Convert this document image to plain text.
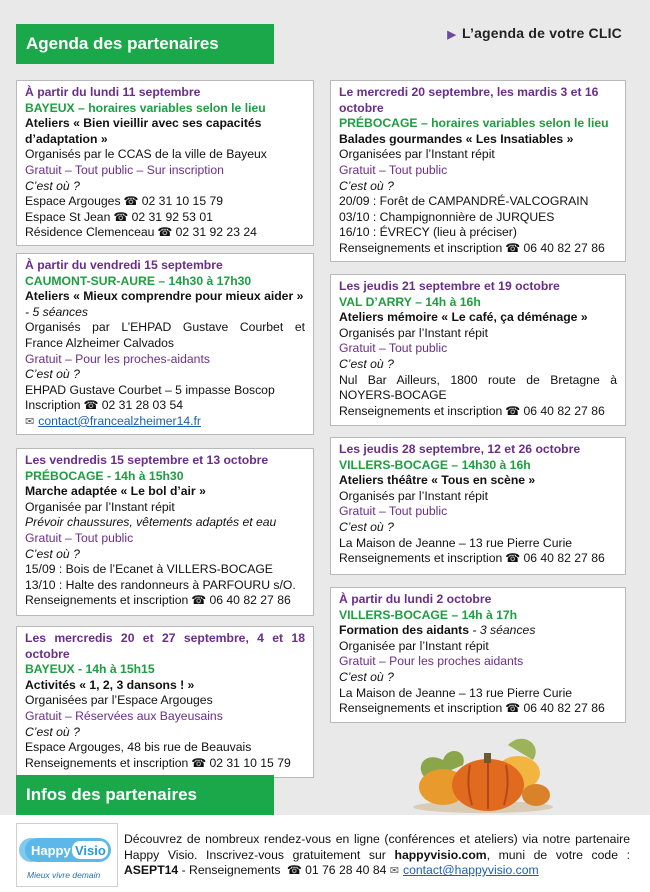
Agenda des partenaires	▶ L’agenda de votre CLIC
À partir du lundi 11 septembre
BAYEUX – horaires variables selon le lieu
Ateliers « Bien vieillir avec ses capacités d’adaptation »
Organisés par le CCAS de la ville de Bayeux
Gratuit – Tout public – Sur inscription
C’est où ?
Espace Argouges ☎ 02 31 10 15 79
Espace St Jean ☎ 02 31 92 53 01
Résidence Clemenceau ☎ 02 31 92 23 24
À partir du vendredi 15 septembre
CAUMONT-SUR-AURE – 14h30 à 17h30
Ateliers « Mieux comprendre pour mieux aider » - 5 séances
Organisés par L’EHPAD Gustave Courbet et France Alzheimer Calvados
Gratuit – Pour les proches-aidants
C’est où ?
EHPAD Gustave Courbet – 5 impasse Boscop
Inscription ☎ 02 31 28 03 54
✉ contact@francealzheimer14.fr
Les vendredis 15 septembre et 13 octobre
PRÉBOCAGE - 14h à 15h30
Marche adaptée « Le bol d’air »
Organisée par l’Instant répit
Prévoir chaussures, vêtements adaptés et eau
Gratuit – Tout public
C’est où ?
15/09 : Bois de l’Ecanet à VILLERS-BOCAGE
13/10 : Halte des randonneurs à PARFOURU s/O.
Renseignements et inscription ☎ 06 40 82 27 86
Les mercredis 20 et 27 septembre, 4 et 18 octobre
BAYEUX - 14h à 15h15
Activités « 1, 2, 3 dansons ! »
Organisées par l’Espace Argouges
Gratuit – Réservées aux Bayeusains
C’est où ?
Espace Argouges, 48 bis rue de Beauvais
Renseignements et inscription ☎ 02 31 10 15 79
Le mercredi 20 septembre, les mardis 3 et 16 octobre
PRÉBOCAGE – horaires variables selon le lieu
Balades gourmandes « Les Insatiables »
Organisées par l’Instant répit
Gratuit – Tout public
C’est où ?
20/09 : Forêt de CAMPANDRÉ-VALCOGRAIN
03/10 : Champignonnière de JURQUES
16/10 : ÉVRECY (lieu à préciser)
Renseignements et inscription ☎ 06 40 82 27 86
Les jeudis 21 septembre et 19 octobre
VAL D’ARRY – 14h à 16h
Ateliers mémoire « Le café, ça déménage »
Organisés par l’Instant répit
Gratuit – Tout public
C’est où ?
Nul Bar Ailleurs, 1800 route de Bretagne à NOYERS-BOCAGE
Renseignements et inscription ☎ 06 40 82 27 86
Les jeudis 28 septembre, 12 et 26 octobre
VILLERS-BOCAGE – 14h30 à 16h
Ateliers théâtre « Tous en scène »
Organisés par l’Instant répit
Gratuit – Tout public
C’est où ?
La Maison de Jeanne – 13 rue Pierre Curie
Renseignements et inscription ☎ 06 40 82 27 86
À partir du lundi 2 octobre
VILLERS-BOCAGE – 14h à 17h
Formation des aidants - 3 séances
Organisée par l’Instant répit
Gratuit – Pour les proches aidants
C’est où ?
La Maison de Jeanne – 13 rue Pierre Curie
Renseignements et inscription ☎ 06 40 82 27 86
Infos des partenaires
Happy Visio
Mieux vivre demain
Découvrez de nombreux rendez-vous en ligne (conférences et ateliers) via notre partenaire Happy Visio. Inscrivez-vous gratuitement sur happyvisio.com, muni de votre code : ASEPT14 - Renseignements ☎ 01 76 28 40 84 ✉ contact@happyvisio.com
